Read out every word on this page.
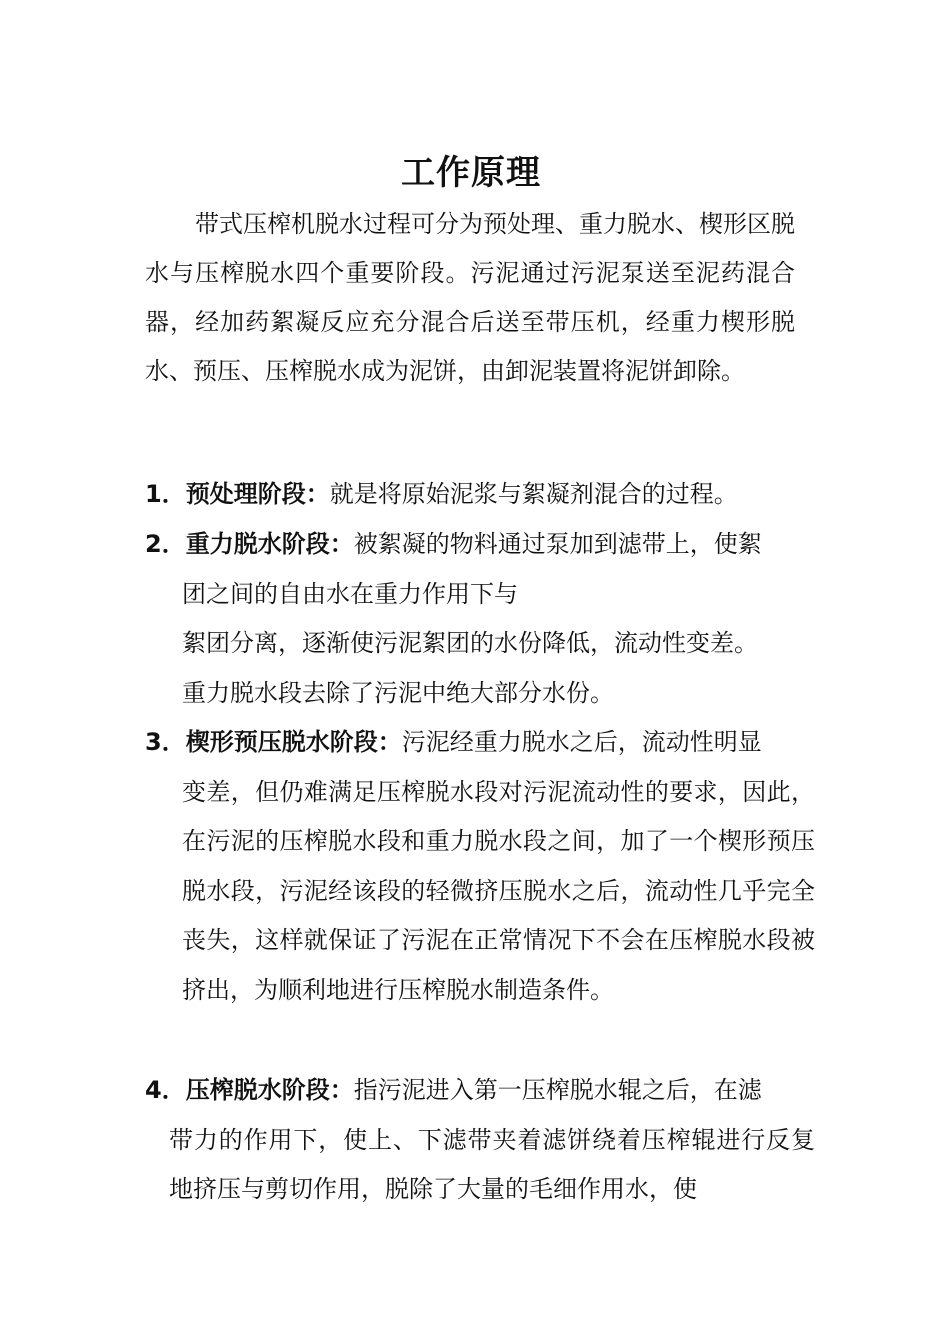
工作原理

带式压榨机脱水过程可分为预处理、重力脱水、楔形区脱水与压榨脱水四个重要阶段。污泥通过污泥泵送至泥药混合器，经加药絮凝反应充分混合后送至带压机，经重力楔形脱水、预压、压榨脱水成为泥饼，由卸泥装置将泥饼卸除。

1．预处理阶段：就是将原始泥浆与絮凝剂混合的过程。

2．重力脱水阶段：被絮凝的物料通过泵加到滤带上，使絮
团之间的自由水在重力作用下与
絮团分离，逐渐使污泥絮团的水份降低，流动性变差。
重力脱水段去除了污泥中绝大部分水份。

3．楔形预压脱水阶段：污泥经重力脱水之后，流动性明显
变差，但仍难满足压榨脱水段对污泥流动性的要求，因此，在污泥的压榨脱水段和重力脱水段之间，加了一个楔形预压脱水段，污泥经该段的轻微挤压脱水之后，流动性几乎完全丧失，这样就保证了污泥在正常情况下不会在压榨脱水段被挤出，为顺利地进行压榨脱水制造条件。

4．压榨脱水阶段：指污泥进入第一压榨脱水辊之后，在滤
带力的作用下，使上、下滤带夹着滤饼绕着压榨辊进行反复地挤压与剪切作用，脱除了大量的毛细作用水，使
